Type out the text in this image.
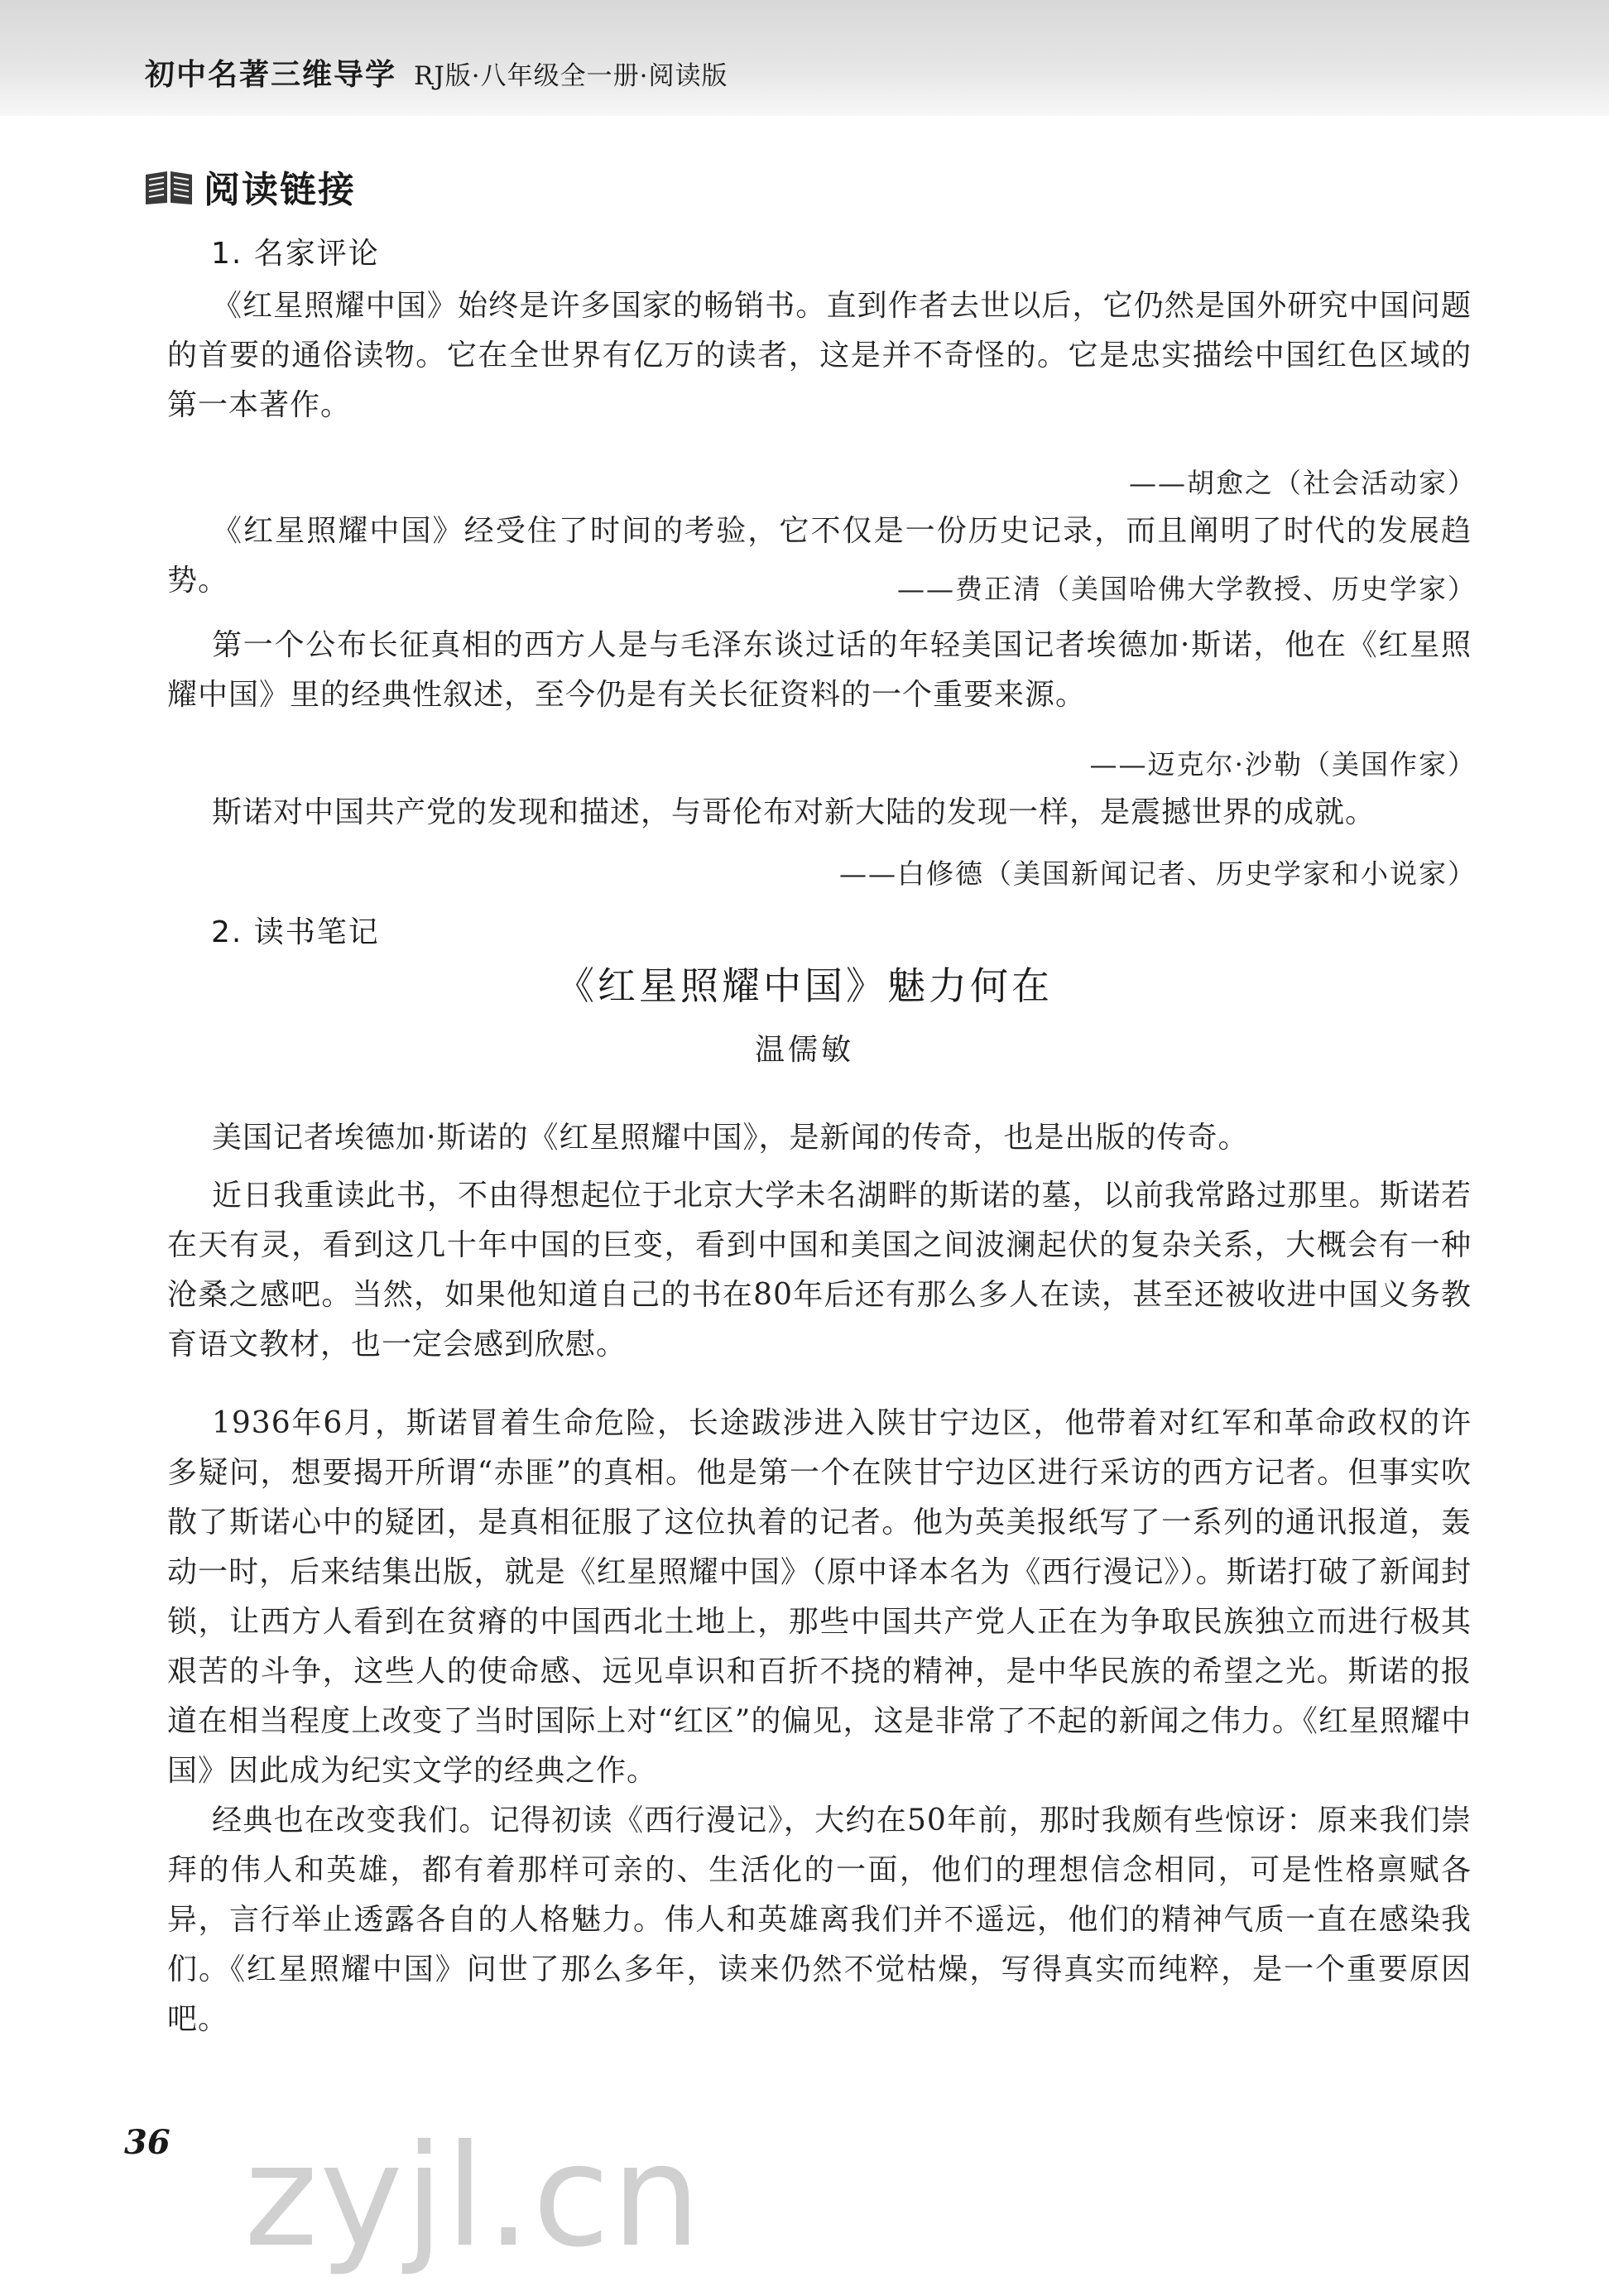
初中名著三维导学 RJ版·八年级全一册·阅读版
阅读链接
1. 名家评论
《红星照耀中国》始终是许多国家的畅销书。直到作者去世以后，它仍然是国外研究中国问题的首要的通俗读物。它在全世界有亿万的读者，这是并不奇怪的。它是忠实描绘中国红色区域的第一本著作。
——胡愈之（社会活动家）
《红星照耀中国》经受住了时间的考验，它不仅是一份历史记录，而且阐明了时代的发展趋势。	——费正清（美国哈佛大学教授、历史学家）
第一个公布长征真相的西方人是与毛泽东谈过话的年轻美国记者埃德加·斯诺，他在《红星照耀中国》里的经典性叙述，至今仍是有关长征资料的一个重要来源。
——迈克尔·沙勒（美国作家）
斯诺对中国共产党的发现和描述，与哥伦布对新大陆的发现一样，是震撼世界的成就。
——白修德（美国新闻记者、历史学家和小说家）
2. 读书笔记
《红星照耀中国》魅力何在
温儒敏
美国记者埃德加·斯诺的《红星照耀中国》，是新闻的传奇，也是出版的传奇。
近日我重读此书，不由得想起位于北京大学未名湖畔的斯诺的墓，以前我常路过那里。斯诺若在天有灵，看到这几十年中国的巨变，看到中国和美国之间波澜起伏的复杂关系，大概会有一种沧桑之感吧。当然，如果他知道自己的书在80年后还有那么多人在读，甚至还被收进中国义务教育语文教材，也一定会感到欣慰。
1936年6月，斯诺冒着生命危险，长途跋涉进入陕甘宁边区，他带着对红军和革命政权的许多疑问，想要揭开所谓“赤匪”的真相。他是第一个在陕甘宁边区进行采访的西方记者。但事实吹散了斯诺心中的疑团，是真相征服了这位执着的记者。他为英美报纸写了一系列的通讯报道，轰动一时，后来结集出版，就是《红星照耀中国》（原中译本名为《西行漫记》）。斯诺打破了新闻封锁，让西方人看到在贫瘠的中国西北土地上，那些中国共产党人正在为争取民族独立而进行极其艰苦的斗争，这些人的使命感、远见卓识和百折不挠的精神，是中华民族的希望之光。斯诺的报道在相当程度上改变了当时国际上对“红区”的偏见，这是非常了不起的新闻之伟力。《红星照耀中国》因此成为纪实文学的经典之作。
经典也在改变我们。记得初读《西行漫记》，大约在50年前，那时我颇有些惊讶：原来我们崇拜的伟人和英雄，都有着那样可亲的、生活化的一面，他们的理想信念相同，可是性格禀赋各异，言行举止透露各自的人格魅力。伟人和英雄离我们并不遥远，他们的精神气质一直在感染我们。《红星照耀中国》问世了那么多年，读来仍然不觉枯燥，写得真实而纯粹，是一个重要原因吧。
36 zyjl.cn
